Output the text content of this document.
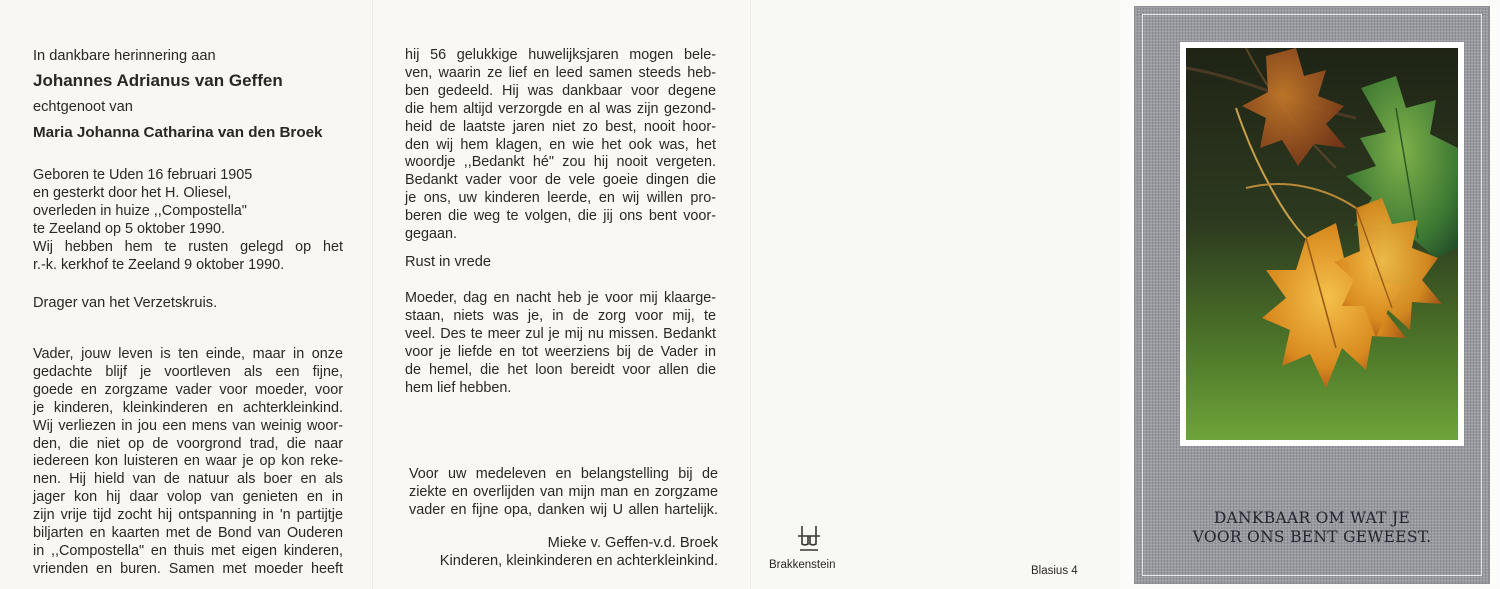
In dankbare herinnering aan

Johannes Adrianus van Geffen

echtgenoot van

Maria Johanna Catharina van den Broek

Geboren te Uden 16 februari 1905
en gesterkt door het H. Oliesel,
overleden in huize ,,Compostella"
te Zeeland op 5 oktober 1990.
Wij hebben hem te rusten gelegd op het
r.-k. kerkhof te Zeeland 9 oktober 1990.

Drager van het Verzetskruis.

Vader, jouw leven is ten einde, maar in onze
gedachte blijf je voortleven als een fijne,
goede en zorgzame vader voor moeder, voor
je kinderen, kleinkinderen en achterkleinkind.
Wij verliezen in jou een mens van weinig woor-
den, die niet op de voorgrond trad, die naar
iedereen kon luisteren en waar je op kon reke-
nen. Hij hield van de natuur als boer en als
jager kon hij daar volop van genieten en in
zijn vrije tijd zocht hij ontspanning in 'n partijtje
biljarten en kaarten met de Bond van Ouderen
in ,,Compostella" en thuis met eigen kinderen,
vrienden en buren. Samen met moeder heeft
hij 56 gelukkige huwelijksjaren mogen bele-
ven, waarin ze lief en leed samen steeds heb-
ben gedeeld. Hij was dankbaar voor degene
die hem altijd verzorgde en al was zijn gezond-
heid de laatste jaren niet zo best, nooit hoor-
den wij hem klagen, en wie het ook was, het
woordje ,,Bedankt hé" zou hij nooit vergeten.
Bedankt vader voor de vele goeie dingen die
je ons, uw kinderen leerde, en wij willen pro-
beren die weg te volgen, die jij ons bent voor-
gegaan.

Rust in vrede

Moeder, dag en nacht heb je voor mij klaarge-
staan, niets was je, in de zorg voor mij, te
veel. Des te meer zul je mij nu missen. Bedankt
voor je liefde en tot weerziens bij de Vader in
de hemel, die het loon bereidt voor allen die
hem lief hebben.
Voor uw medeleven en belangstelling bij de
ziekte en overlijden van mijn man en zorgzame
vader en fijne opa, danken wij U allen hartelijk.

Mieke v. Geffen-v.d. Broek

Kinderen, kleinkinderen en achterkleinkind.	Brakkenstein	Blasius 4

DANKBAAR OM WAT JE

VOOR ONS BENT GEWEEST.
